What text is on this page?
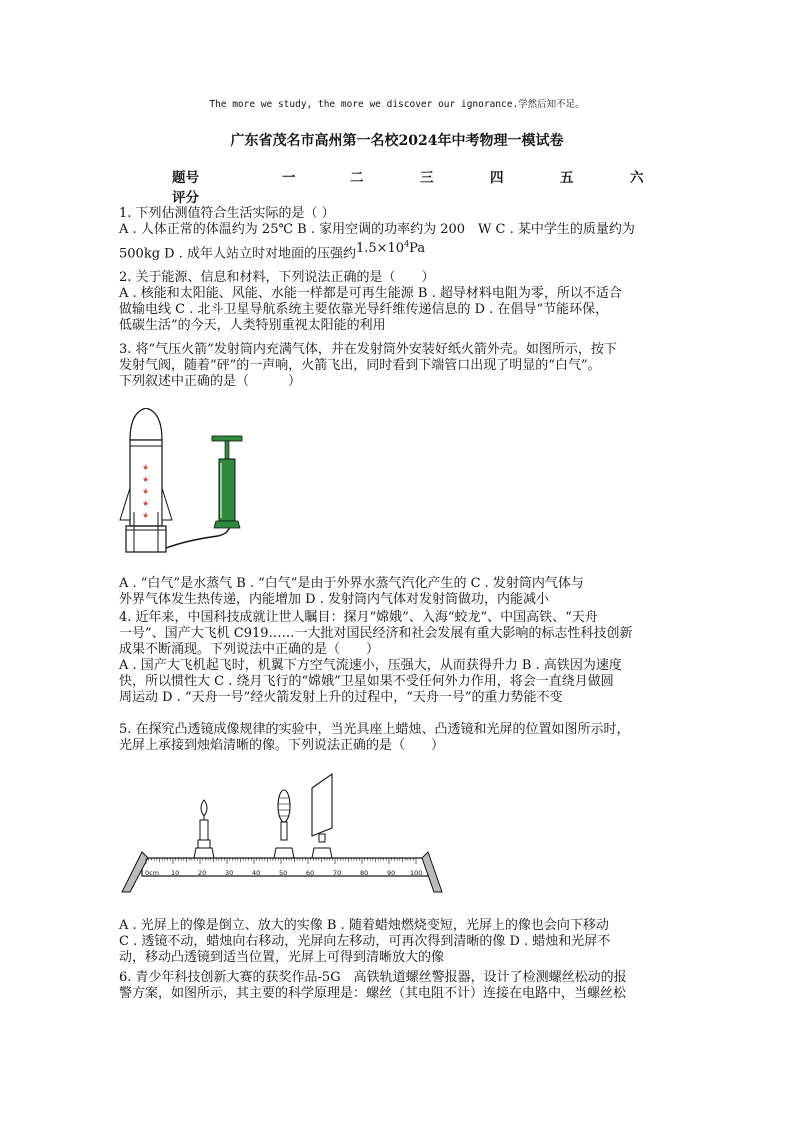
The more we study, the more we discover our ignorance.学然后知不足。
广东省茂名市高州第一名校2024年中考物理一模试卷
题号	一	二	三	四	五	六
评分

1. 下列估测值符合生活实际的是（ ）

A . 人体正常的体温约为 25℃ B . 家用空调的功率约为 200　W C . 某中学生的质量约为

500kg D . 成年人站立时对地面的压强约$1.5\times 10^4Pa$

2. 关于能源、信息和材料，下列说法正确的是（　　）

A . 核能和太阳能、风能、水能一样都是可再生能源 B . 超导材料电阻为零，所以不适合

做输电线 C . 北斗卫星导航系统主要依靠光导纤维传递信息的 D . 在倡导“节能环保，

低碳生活”的今天，人类特别重视太阳能的利用

3. 将“气压火箭”发射筒内充满气体，并在发射筒外安装好纸火箭外壳。如图所示，按下

发射气阀，随着“砰”的一声响，火箭飞出，同时看到下端管口出现了明显的“白气”。

下列叙述中正确的是（　　　）

★
★
★
★
★

A . “白气”是水蒸气 B . “白气”是由于外界水蒸气汽化产生的 C . 发射筒内气体与

外界气体发生热传递，内能增加 D . 发射筒内气体对发射筒做功，内能减小

4. 近年来，中国科技成就让世人瞩目：探月“嫦娥”、入海“蛟龙”、中国高铁、“天舟

一号”、国产大飞机 C919……一大批对国民经济和社会发展有重大影响的标志性科技创新

成果不断涌现。下列说法中正确的是（　　）

A . 国产大飞机起飞时，机翼下方空气流速小，压强大，从而获得升力 B . 高铁因为速度

快，所以惯性大 C . 绕月飞行的“嫦娥”卫星如果不受任何外力作用，将会一直绕月做圆

周运动 D . “天舟一号”经火箭发射上升的过程中，“天舟一号”的重力势能不变

5. 在探究凸透镜成像规律的实验中，当光具座上蜡烛、凸透镜和光屏的位置如图所示时，

光屏上承接到烛焰清晰的像。下列说法正确的是（　　）

0cm 10	20	30	40	50	60	70	80	90 100

A . 光屏上的像是倒立、放大的实像 B . 随着蜡烛燃烧变短，光屏上的像也会向下移动

C . 透镜不动，蜡烛向右移动，光屏向左移动，可再次得到清晰的像 D . 蜡烛和光屏不

动，移动凸透镜到适当位置，光屏上可得到清晰放大的像

6. 青少年科技创新大赛的获奖作品-5G　高铁轨道螺丝警报器，设计了检测螺丝松动的报

警方案，如图所示，其主要的科学原理是：螺丝（其电阻不计）连接在电路中，当螺丝松
